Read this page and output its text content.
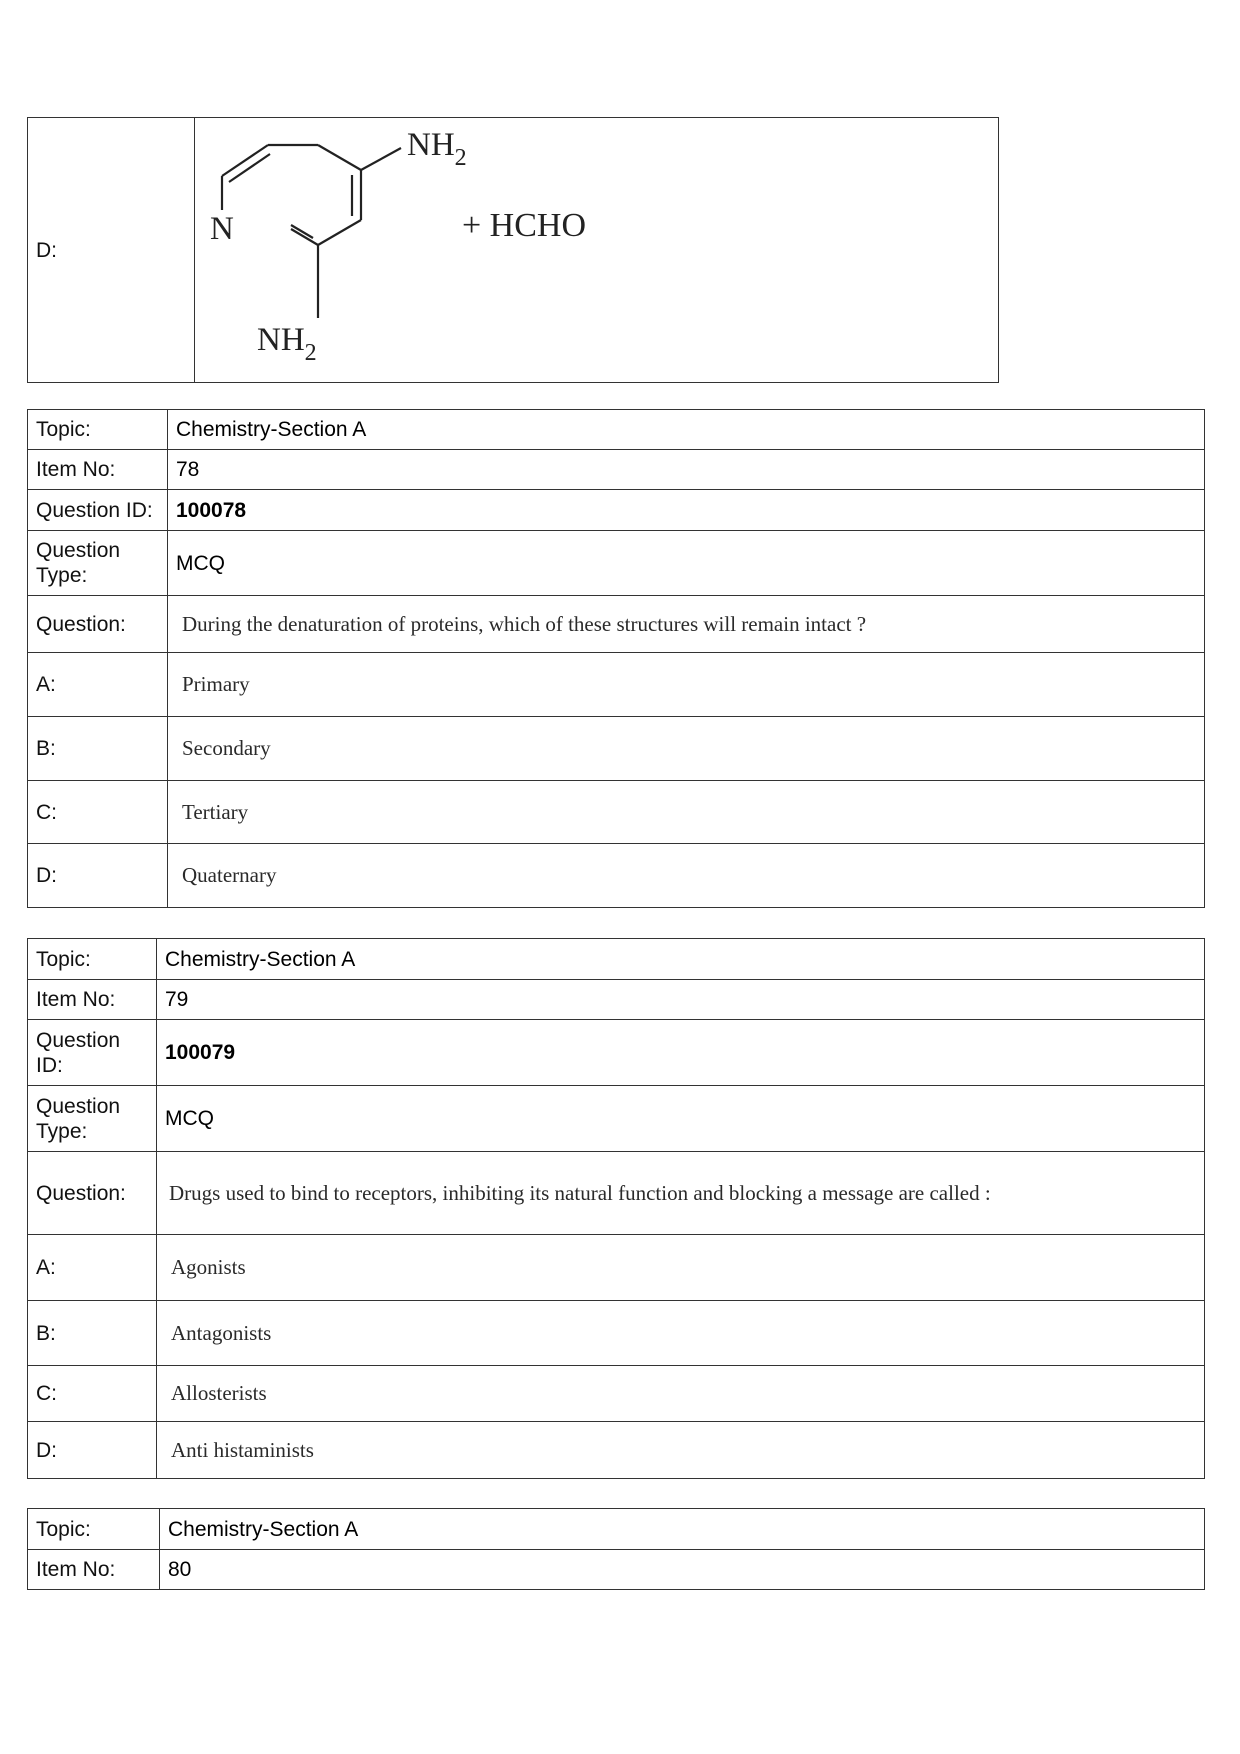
D:	
$NH_2$
N
$NH_2$
+ HCHO
Topic:	Chemistry-Section A
Item No:	78
Question ID:	100078
Question
Type:	MCQ
Question:	During the denaturation of proteins, which of these structures will remain intact ?
A:	Primary
B:	Secondary
C:	Tertiary
D:	Quaternary
Topic:	Chemistry-Section A
Item No:	79
Question
ID:	100079
Question
Type:	MCQ
Question:	Drugs used to bind to receptors, inhibiting its natural function and blocking a message are called :
A:	Agonists
B:	Antagonists
C:	Allosterists
D:	Anti histaminists
Topic:	Chemistry-Section A
Item No:	80
